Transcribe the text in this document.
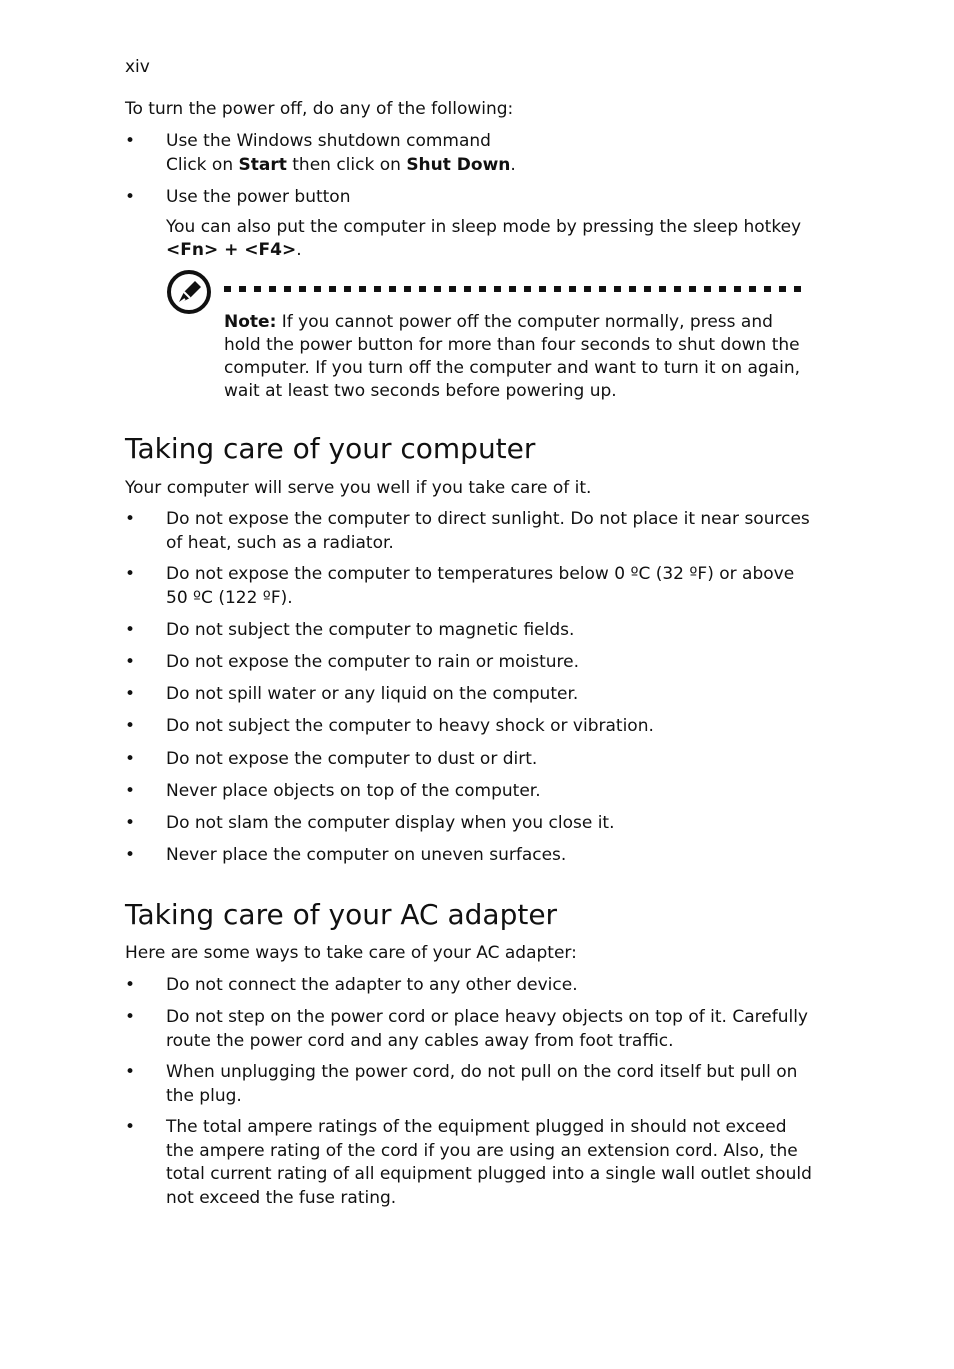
xiv
To turn the power off, do any of the following:
• Use the Windows shutdown command
Click on Start then click on Shut Down.
• Use the power button
You can also put the computer in sleep mode by pressing the sleep hotkey <Fn> + <F4>.
Note: If you cannot power off the computer normally, press and hold the power button for more than four seconds to shut down the computer. If you turn off the computer and want to turn it on again, wait at least two seconds before powering up.
Taking care of your computer
Your computer will serve you well if you take care of it.
• Do not expose the computer to direct sunlight. Do not place it near sources of heat, such as a radiator.
• Do not expose the computer to temperatures below 0 ºC (32 ºF) or above 50 ºC (122 ºF).
• Do not subject the computer to magnetic fields.
• Do not expose the computer to rain or moisture.
• Do not spill water or any liquid on the computer.
• Do not subject the computer to heavy shock or vibration.
• Do not expose the computer to dust or dirt.
• Never place objects on top of the computer.
• Do not slam the computer display when you close it.
• Never place the computer on uneven surfaces.
Taking care of your AC adapter
Here are some ways to take care of your AC adapter:
• Do not connect the adapter to any other device.
• Do not step on the power cord or place heavy objects on top of it. Carefully route the power cord and any cables away from foot traffic.
• When unplugging the power cord, do not pull on the cord itself but pull on the plug.
• The total ampere ratings of the equipment plugged in should not exceed the ampere rating of the cord if you are using an extension cord. Also, the total current rating of all equipment plugged into a single wall outlet should not exceed the fuse rating.
